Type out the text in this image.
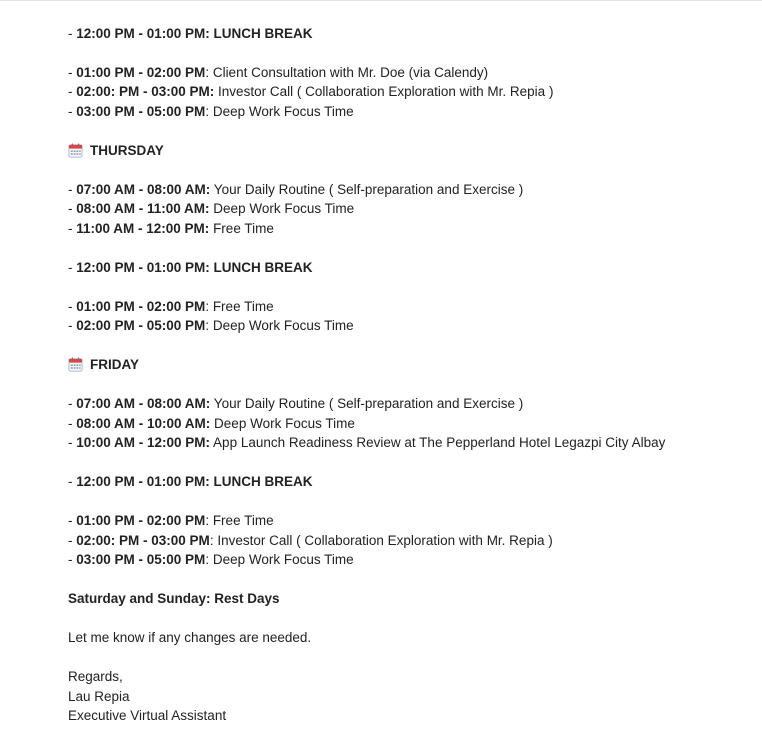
- 12:00 PM - 01:00 PM: LUNCH BREAK
- 01:00 PM - 02:00 PM: Client Consultation with Mr. Doe (via Calendy)
- 02:00: PM - 03:00 PM: Investor Call ( Collaboration Exploration with Mr. Repia )
- 03:00 PM - 05:00 PM: Deep Work Focus Time
THURSDAY
- 07:00 AM - 08:00 AM: Your Daily Routine ( Self-preparation and Exercise )
- 08:00 AM - 11:00 AM: Deep Work Focus Time
- 11:00 AM - 12:00 PM: Free Time
- 12:00 PM - 01:00 PM: LUNCH BREAK
- 01:00 PM - 02:00 PM: Free Time
- 02:00 PM - 05:00 PM: Deep Work Focus Time
FRIDAY
- 07:00 AM - 08:00 AM: Your Daily Routine ( Self-preparation and Exercise )
- 08:00 AM - 10:00 AM: Deep Work Focus Time
- 10:00 AM - 12:00 PM: App Launch Readiness Review at The Pepperland Hotel Legazpi City Albay
- 12:00 PM - 01:00 PM: LUNCH BREAK
- 01:00 PM - 02:00 PM: Free Time
- 02:00: PM - 03:00 PM: Investor Call ( Collaboration Exploration with Mr. Repia )
- 03:00 PM - 05:00 PM: Deep Work Focus Time
Saturday and Sunday: Rest Days
Let me know if any changes are needed.
Regards,
Lau Repia
Executive Virtual Assistant
